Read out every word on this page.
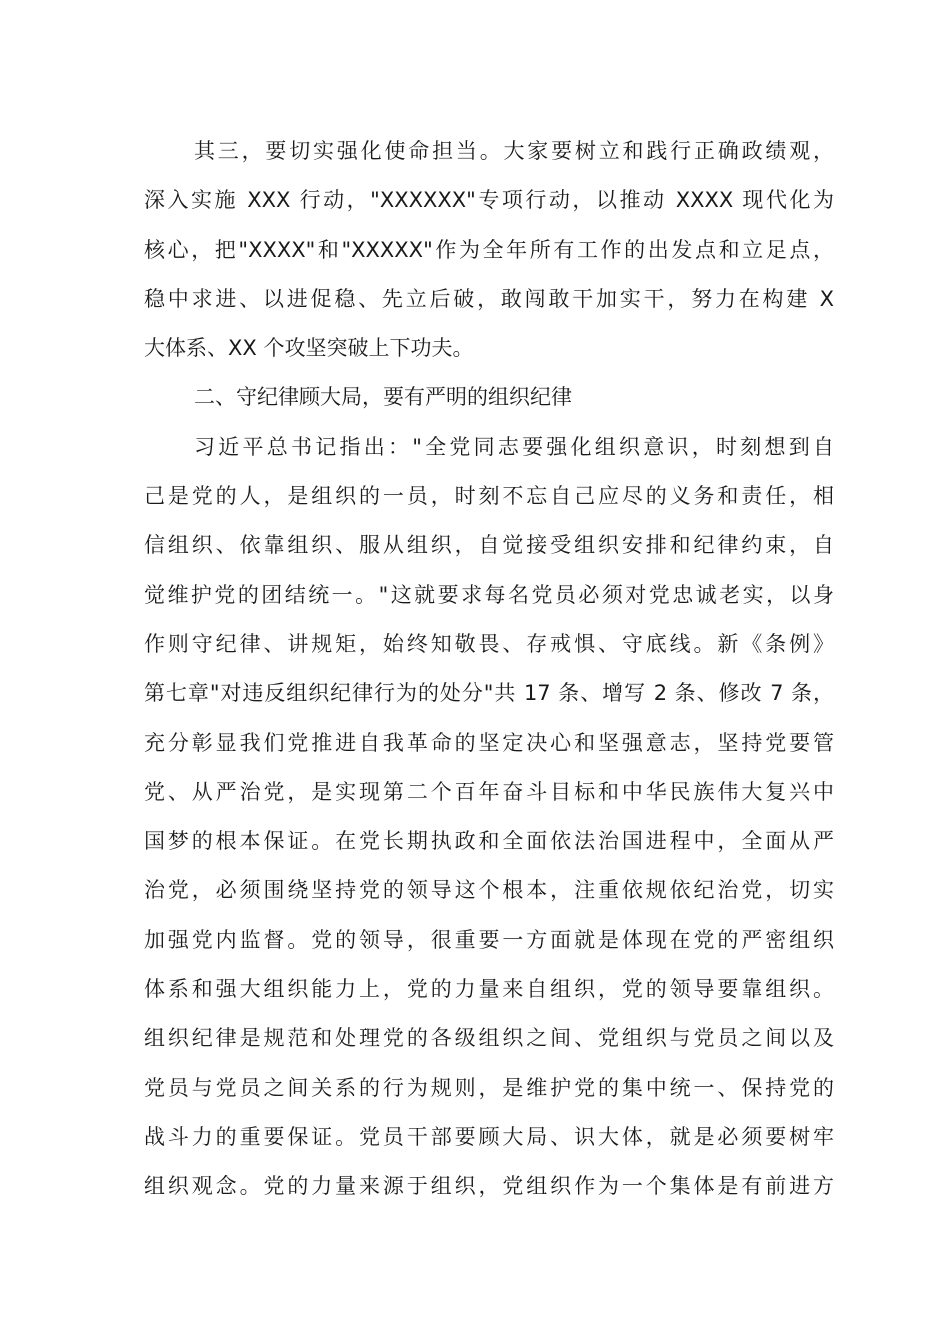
其三，要切实强化使命担当。大家要树立和践行正确政绩观，
深入实施 XXX 行动，"XXXXXX"专项行动，以推动 XXXX 现代化为
核心，把"XXXX"和"XXXXX"作为全年所有工作的出发点和立足点，
稳中求进、以进促稳、先立后破，敢闯敢干加实干，努力在构建 X
大体系、XX 个攻坚突破上下功夫。
二、守纪律顾大局，要有严明的组织纪律
习近平总书记指出："全党同志要强化组织意识，时刻想到自
己是党的人，是组织的一员，时刻不忘自己应尽的义务和责任，相
信组织、依靠组织、服从组织，自觉接受组织安排和纪律约束，自
觉维护党的团结统一。"这就要求每名党员必须对党忠诚老实，以身
作则守纪律、讲规矩，始终知敬畏、存戒惧、守底线。新《条例》
第七章"对违反组织纪律行为的处分"共 17 条、增写 2 条、修改 7 条，
充分彰显我们党推进自我革命的坚定决心和坚强意志，坚持党要管
党、从严治党，是实现第二个百年奋斗目标和中华民族伟大复兴中
国梦的根本保证。在党长期执政和全面依法治国进程中，全面从严
治党，必须围绕坚持党的领导这个根本，注重依规依纪治党，切实
加强党内监督。党的领导，很重要一方面就是体现在党的严密组织
体系和强大组织能力上，党的力量来自组织，党的领导要靠组织。
组织纪律是规范和处理党的各级组织之间、党组织与党员之间以及
党员与党员之间关系的行为规则，是维护党的集中统一、保持党的
战斗力的重要保证。党员干部要顾大局、识大体，就是必须要树牢
组织观念。党的力量来源于组织，党组织作为一个集体是有前进方
